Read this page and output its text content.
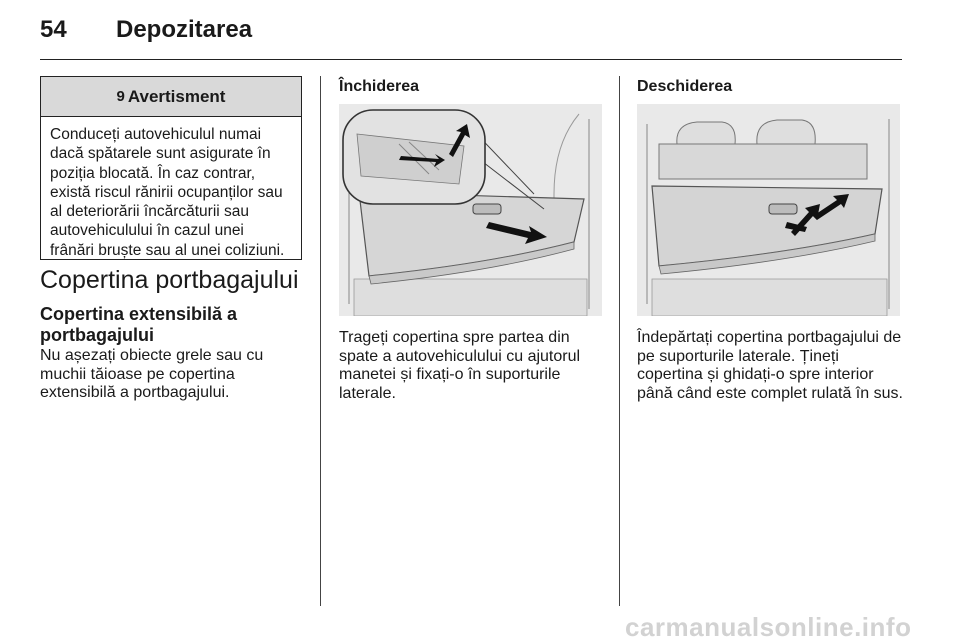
54 Depozitarea
9 Avertisment
Conduceți autovehiculul numai
dacă spătarele sunt asigurate în
poziția blocată. În caz contrar,
există riscul rănirii ocupanților sau
al deteriorării încărcăturii sau
autovehiculului în cazul unei
frânări bruște sau al unei coliziuni.
Copertina portbagajului
Copertina extensibilă a
portbagajului
Nu așezați obiecte grele sau cu
muchii tăioase pe copertina
extensibilă a portbagajului.
Închiderea
Trageți copertina spre partea din
spate a autovehiculului cu ajutorul
manetei și fixați-o în suporturile
laterale.
Deschiderea
Îndepărtați copertina portbagajului de
pe suporturile laterale. Țineți
copertina și ghidați-o spre interior
până când este complet rulată în sus.
carmanualsonline.info
